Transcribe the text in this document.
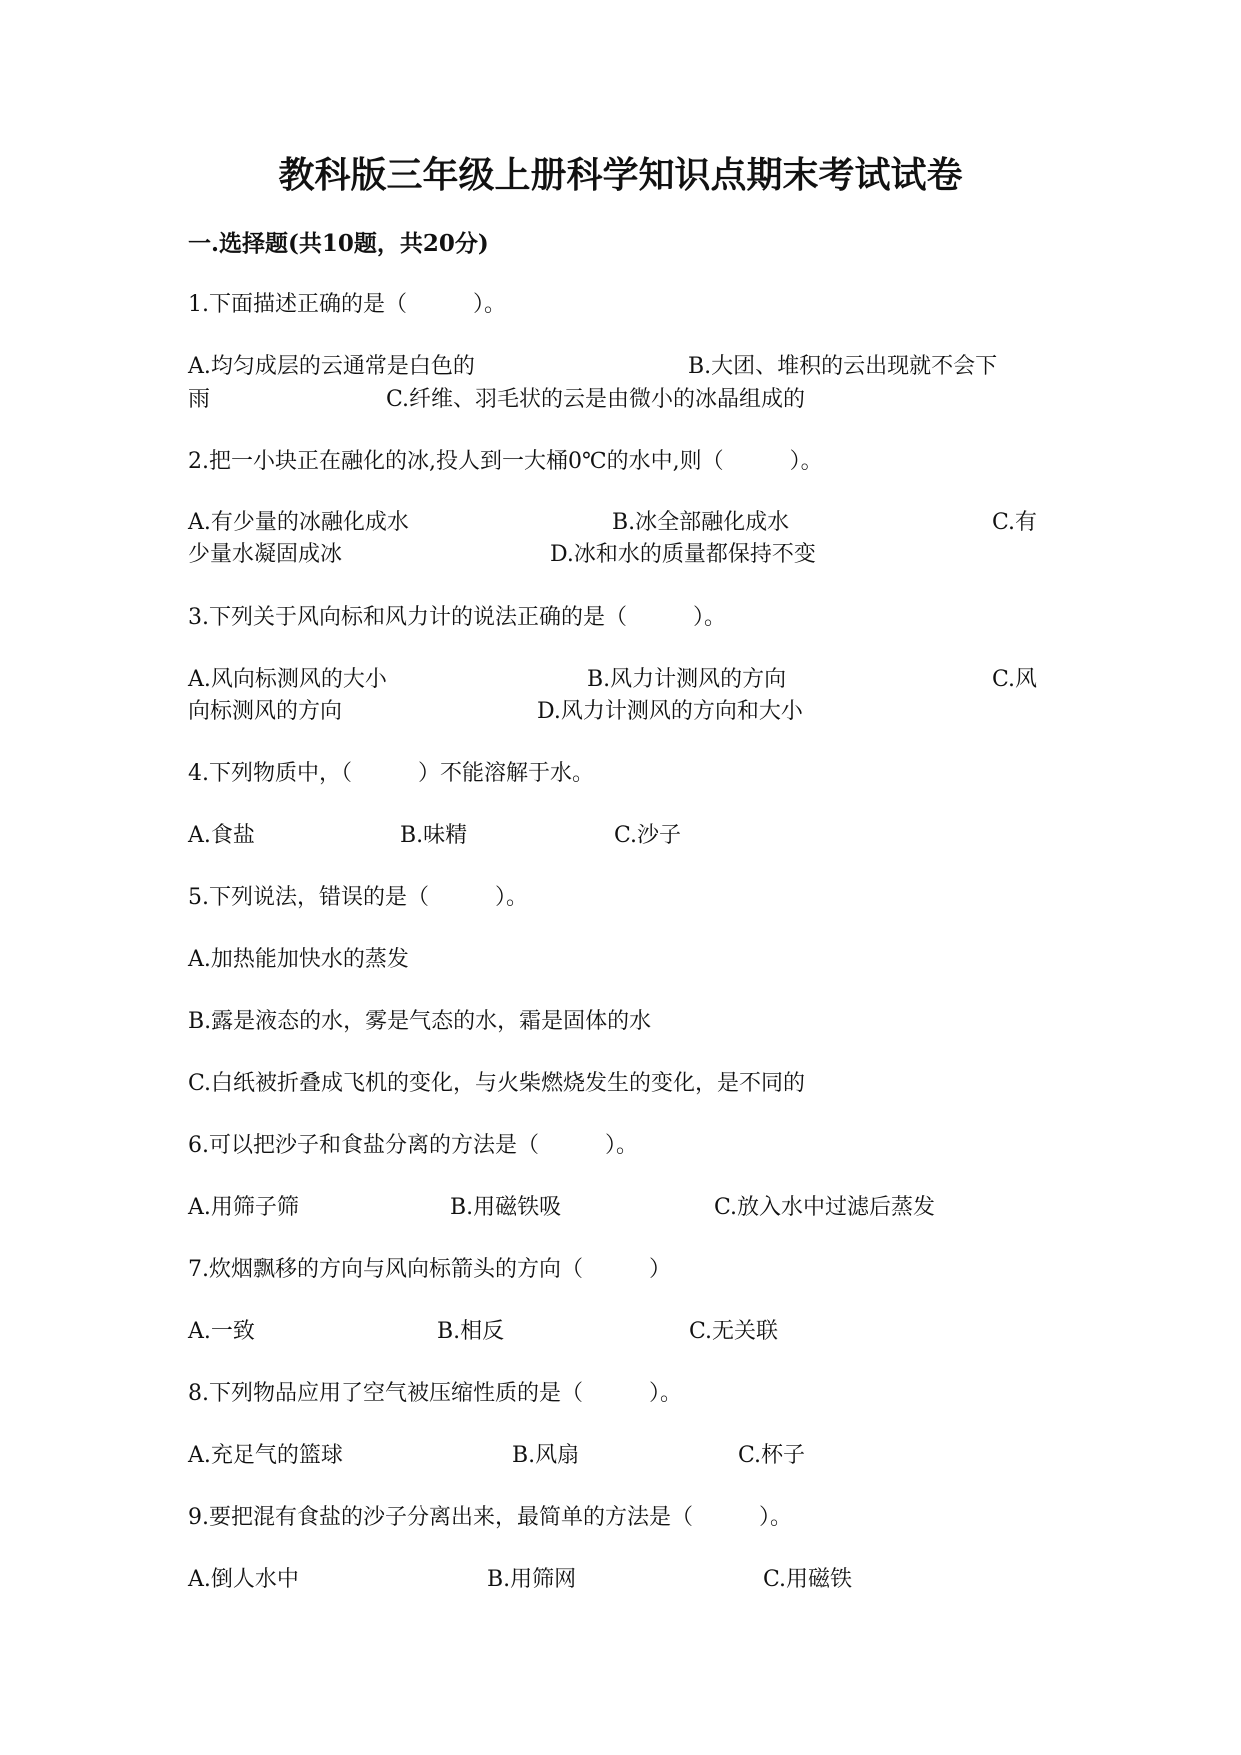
教科版三年级上册科学知识点期末考试试卷
一.选择题(共10题，共20分)
1.下面描述正确的是（　　　）。
A.均匀成层的云通常是白色的	B.大团、堆积的云出现就不会下
雨	C.纤维、羽毛状的云是由微小的冰晶组成的
2.把一小块正在融化的冰,投人到一大桶0℃的水中,则（　　　）。
A.有少量的冰融化成水	B.冰全部融化成水	C.有
少量水凝固成冰	D.冰和水的质量都保持不变
3.下列关于风向标和风力计的说法正确的是（　　　）。
A.风向标测风的大小	B.风力计测风的方向	C.风
向标测风的方向	D.风力计测风的方向和大小
4.下列物质中，（　　　）不能溶解于水。
A.食盐	B.味精	C.沙子
5.下列说法，错误的是（　　　）。
A.加热能加快水的蒸发
B.露是液态的水，雾是气态的水，霜是固体的水
C.白纸被折叠成飞机的变化，与火柴燃烧发生的变化，是不同的
6.可以把沙子和食盐分离的方法是（　　　）。
A.用筛子筛	B.用磁铁吸	C.放入水中过滤后蒸发
7.炊烟飘移的方向与风向标箭头的方向（　　　）
A.一致	B.相反	C.无关联
8.下列物品应用了空气被压缩性质的是（　　　）。
A.充足气的篮球	B.风扇	C.杯子
9.要把混有食盐的沙子分离出来，最简单的方法是（　　　）。
A.倒人水中	B.用筛网	C.用磁铁
